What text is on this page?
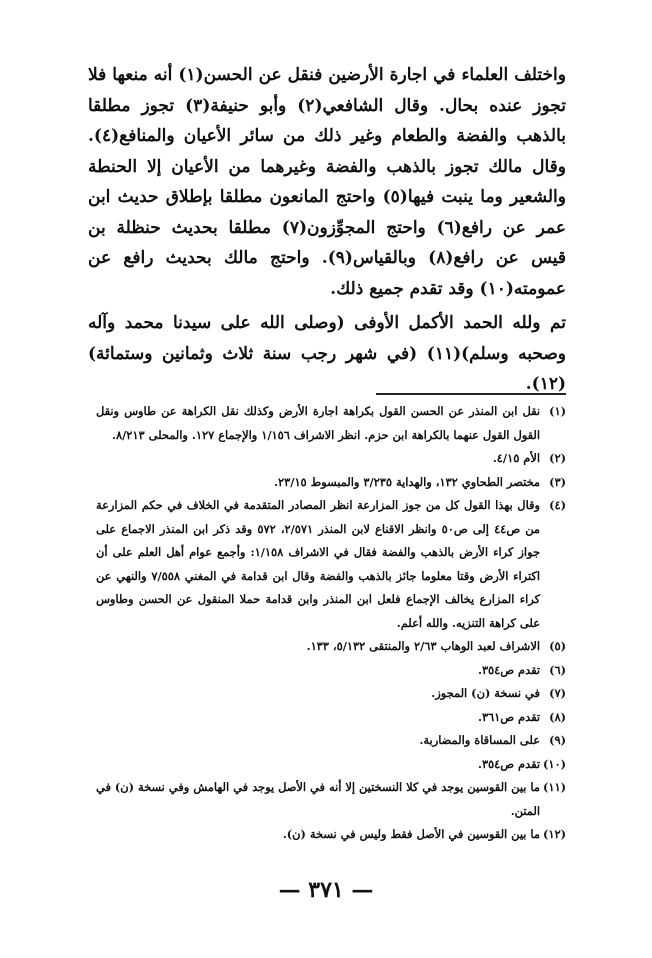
واختلف العلماء في اجارة الأرضين فنقل عن الحسن(١) أنه منعها فلا تجوز عنده بحال. وقال الشافعي(٢) وأبو حنيفة(٣) تجوز مطلقا بالذهب والفضة والطعام وغير ذلك من سائر الأعيان والمنافع(٤). وقال مالك تجوز بالذهب والفضة وغيرهما من الأعيان إلا الحنطة والشعير وما ينبت فيها(٥) واحتج المانعون مطلقا بإطلاق حديث ابن عمر عن رافع(٦) واحتج المجوِّزون(٧) مطلقا بحديث حنظلة بن قيس عن رافع(٨) وبالقياس(٩). واحتج مالك بحديث رافع عن عمومته(١٠) وقد تقدم جميع ذلك.

تم ولله الحمد الأكمل الأوفى (وصلى الله على سيدنا محمد وآله وصحبه وسلم)(١١) (في شهر رجب سنة ثلاث وثمانين وستمائة)(١٢).

(١)
نقل ابن المنذر عن الحسن القول بكراهة اجارة الأرض وكذلك نقل الكراهة عن طاوس ونقل القول القول عنهما بالكراهة ابن حزم. انظر الاشراف ١/١٥٦ والإجماع ١٢٧. والمحلى ٨/٢١٣.
(٢)
الأم ٤/١٥.
(٣)
مختصر الطحاوي ١٣٢، والهداية ٣/٢٣٥ والمبسوط ٢٣/١٥.
(٤)
وقال بهذا القول كل من جوز المزارعة انظر المصادر المتقدمة في الخلاف في حكم المزارعة من ص٤٤ إلى ص٥٠ وانظر الاقناع لابن المنذر ٢/٥٧١، ٥٧٢ وقد ذكر ابن المنذر الاجماع على جواز كراء الأرض بالذهب والفضة فقال في الاشراف ١/١٥٨: وأجمع عوام أهل العلم على أن اكتراء الأرض وقتا معلوما جائز بالذهب والفضة وقال ابن قدامة في المغني ٧/٥٥٨ والنهي عن كراء المزارع يخالف الإجماع فلعل ابن المنذر وابن قدامة حملا المنقول عن الحسن وطاوس على كراهة التنزيه. والله أعلم.
(٥)
الاشراف لعبد الوهاب ٢/٦٣ والمنتقى ٥/١٣٢، ١٣٣.
(٦)
تقدم ص٣٥٤.
(٧)
في نسخة (ن) المجوز.
(٨)
تقدم ص٣٦١.
(٩)
على المساقاة والمضاربة.
(١٠)
تقدم ص٣٥٤.
(١١)
ما بين القوسين يوجد في كلا النسختين إلا أنه في الأصل يوجد في الهامش وفي نسخة (ن) في المتن.
(١٢)
ما بين القوسين في الأصل فقط وليس في نسخة (ن).
— ٣٧١ —
